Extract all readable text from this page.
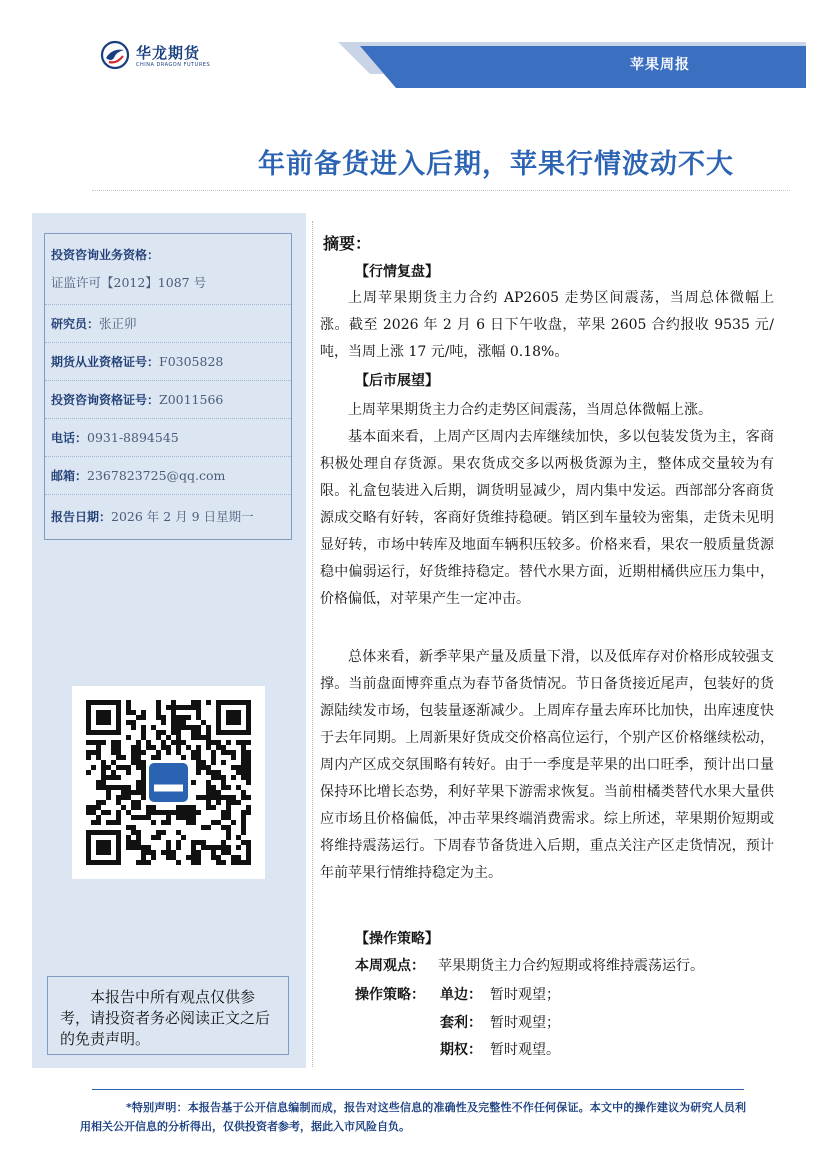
华龙期货
CHINA DRAGON FUTURES	苹果周报
年前备货进入后期，苹果行情波动不大
投资咨询业务资格：
证监许可【2012】1087 号
研究员： 张正卯
期货从业资格证号： F0305828
投资咨询资格证号： Z0011566
电话： 0931-8894545
邮箱： 2367823725@qq.com
报告日期： 2026 年 2 月 9 日星期一
本报告中所有观点仅供参考，请投资者务必阅读正文之后的免责声明。
摘要：
【行情复盘】
上周苹果期货主力合约 AP2605 走势区间震荡，当周总体微幅上涨。截至 2026 年 2 月 6 日下午收盘，苹果 2605 合约报收 9535 元/吨，当周上涨 17 元/吨，涨幅 0.18%。
【后市展望】
上周苹果期货主力合约走势区间震荡，当周总体微幅上涨。
基本面来看，上周产区周内去库继续加快，多以包装发货为主，客商积极处理自存货源。果农货成交多以两极货源为主，整体成交量较为有限。礼盒包装进入后期，调货明显减少，周内集中发运。西部部分客商货源成交略有好转，客商好货维持稳硬。销区到车量较为密集，走货未见明显好转，市场中转库及地面车辆积压较多。价格来看，果农一般质量货源稳中偏弱运行，好货维持稳定。替代水果方面，近期柑橘供应压力集中，价格偏低，对苹果产生一定冲击。
总体来看，新季苹果产量及质量下滑，以及低库存对价格形成较强支撑。当前盘面博弈重点为春节备货情况。节日备货接近尾声，包装好的货源陆续发市场，包装量逐渐减少。上周库存量去库环比加快，出库速度快于去年同期。上周新果好货成交价格高位运行，个别产区价格继续松动，周内产区成交氛围略有转好。由于一季度是苹果的出口旺季，预计出口量保持环比增长态势，利好苹果下游需求恢复。当前柑橘类替代水果大量供应市场且价格偏低，冲击苹果终端消费需求。综上所述，苹果期价短期或将维持震荡运行。下周春节备货进入后期，重点关注产区走货情况，预计年前苹果行情维持稳定为主。
【操作策略】
本周观点： 苹果期货主力合约短期或将维持震荡运行。
操作策略： 单边： 暂时观望；
套利： 暂时观望；
期权： 暂时观望。
*特别声明：本报告基于公开信息编制而成，报告对这些信息的准确性及完整性不作任何保证。本文中的操作建议为研究人员利用相关公开信息的分析得出，仅供投资者参考，据此入市风险自负。
